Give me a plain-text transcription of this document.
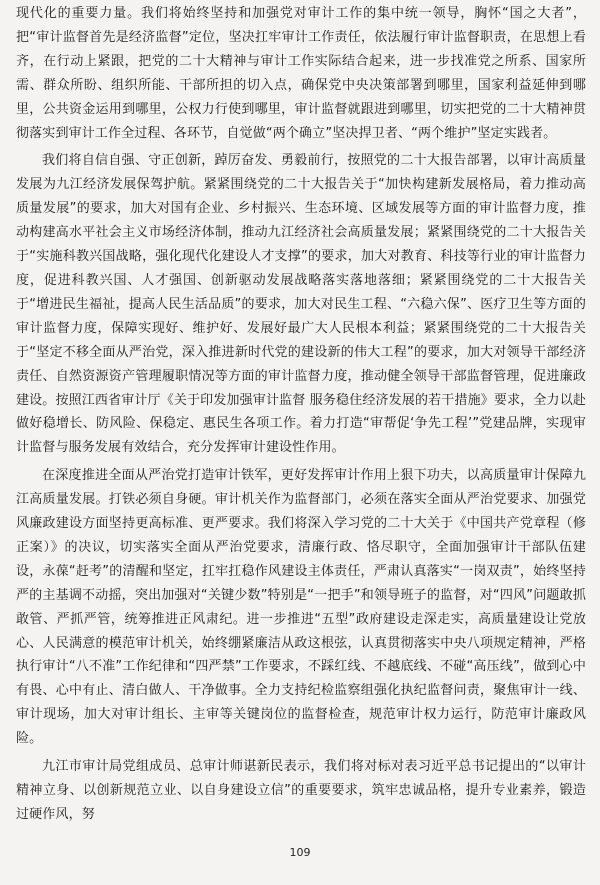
现代化的重要力量。我们将始终坚持和加强党对审计工作的集中统一领导，胸怀“国之大者”，把“审计监督首先是经济监督”定位，坚决扛牢审计工作责任，依法履行审计监督职责，在思想上看齐，在行动上紧跟，把党的二十大精神与审计工作实际结合起来，进一步找准党之所系、国家所需、群众所盼、组织所能、干部所担的切入点，确保党中央决策部署到哪里，国家利益延伸到哪里，公共资金运用到哪里，公权力行使到哪里，审计监督就跟进到哪里，切实把党的二十大精神贯彻落实到审计工作全过程、各环节，自觉做“两个确立”坚决捍卫者、“两个维护”坚定实践者。

我们将自信自强、守正创新，踔厉奋发、勇毅前行，按照党的二十大报告部署，以审计高质量发展为九江经济发展保驾护航。紧紧围绕党的二十大报告关于“加快构建新发展格局，着力推动高质量发展”的要求，加大对国有企业、乡村振兴、生态环境、区域发展等方面的审计监督力度，推动构建高水平社会主义市场经济体制，推动九江经济社会高质量发展；紧紧围绕党的二十大报告关于“实施科教兴国战略，强化现代化建设人才支撑”的要求，加大对教育、科技等行业的审计监督力度，促进科教兴国、人才强国、创新驱动发展战略落实落地落细；紧紧围绕党的二十大报告关于“增进民生福祉，提高人民生活品质”的要求，加大对民生工程、“六稳六保”、医疗卫生等方面的审计监督力度，保障实现好、维护好、发展好最广大人民根本利益；紧紧围绕党的二十大报告关于“坚定不移全面从严治党，深入推进新时代党的建设新的伟大工程”的要求，加大对领导干部经济责任、自然资源资产管理履职情况等方面的审计监督力度，推动健全领导干部监督管理，促进廉政建设。按照江西省审计厅《关于印发加强审计监督 服务稳住经济发展的若干措施》要求，全力以赴做好稳增长、防风险、保稳定、惠民生各项工作。着力打造“审帮促‘争先工程’”党建品牌，实现审计监督与服务发展有效结合，充分发挥审计建设性作用。

在深度推进全面从严治党打造审计铁军，更好发挥审计作用上狠下功夫，以高质量审计保障九江高质量发展。打铁必须自身硬。审计机关作为监督部门，必须在落实全面从严治党要求、加强党风廉政建设方面坚持更高标准、更严要求。我们将深入学习党的二十大关于《中国共产党章程（修正案）》的决议，切实落实全面从严治党要求，清廉行政、恪尽职守，全面加强审计干部队伍建设，永葆“赶考”的清醒和坚定，扛牢扛稳作风建设主体责任，严肃认真落实“一岗双责”，始终坚持严的主基调不动摇，突出加强对“关键少数”特别是“一把手”和领导班子的监督，对“四风”问题敢抓敢管、严抓严管，统筹推进正风肃纪。进一步推进“五型”政府建设走深走实，高质量建设让党放心、人民满意的模范审计机关，始终绷紧廉洁从政这根弦，认真贯彻落实中央八项规定精神，严格执行审计“八不准”工作纪律和“四严禁”工作要求，不踩红线、不越底线、不碰“高压线”，做到心中有畏、心中有止、清白做人、干净做事。全力支持纪检监察组强化执纪监督问责，聚焦审计一线、审计现场，加大对审计组长、主审等关键岗位的监督检查，规范审计权力运行，防范审计廉政风险。

九江市审计局党组成员、总审计师谌新民表示，我们将对标对表习近平总书记提出的“以审计精神立身、以创新规范立业、以自身建设立信”的重要要求，筑牢忠诚品格，提升专业素养，锻造过硬作风，努

109
